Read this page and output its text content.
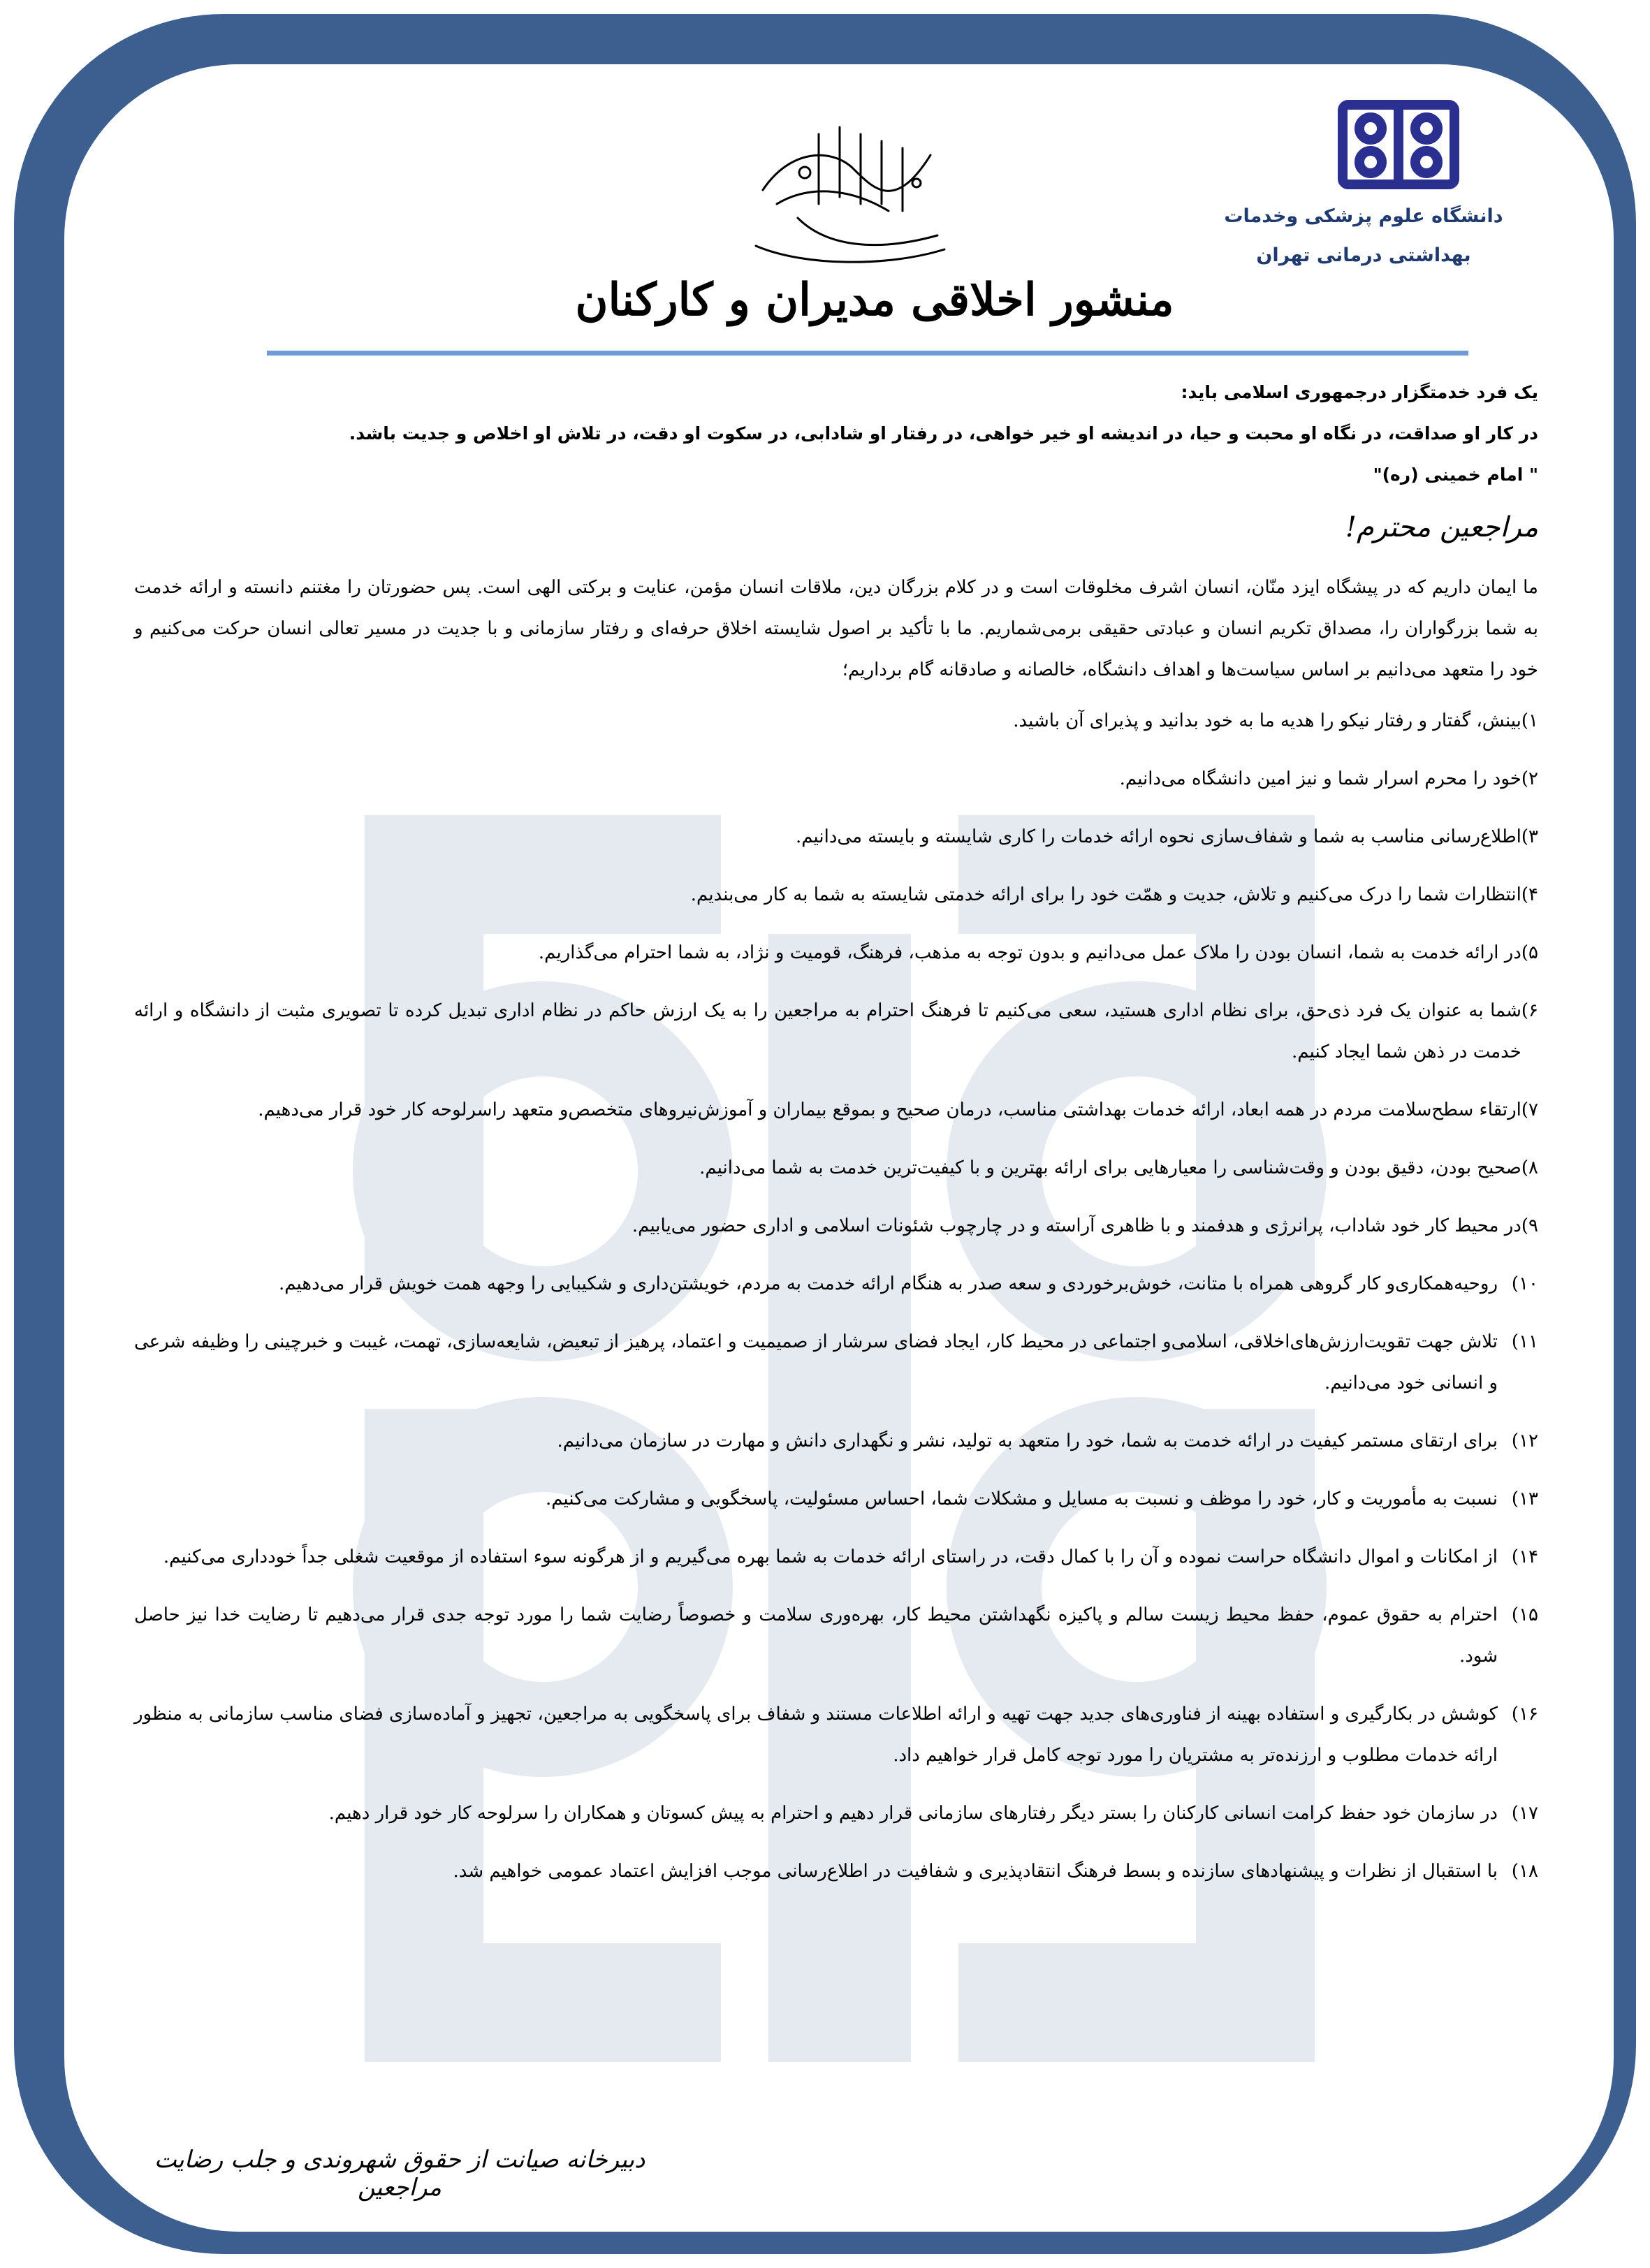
دانشگاه علوم پزشکی وخدمات
بهداشتی درمانی تهران
منشور اخلاقی مدیران و کارکنان
یک فرد خدمتگزار درجمهوری اسلامی باید:
در کار او صداقت، در نگاه او محبت و حیا، در اندیشه او خیر خواهی، در رفتار او شادابی، در سکوت او دقت، در تلاش او اخلاص و جدیت باشد.
" امام خمینی (ره)"
مراجعین محترم!

ما ایمان داریم که در پیشگاه ایزد منّان، انسان اشرف مخلوقات است و در کلام بزرگان دین، ملاقات انسان مؤمن، عنایت و برکتی الهی است. پس حضورتان را مغتنم دانسته و ارائه خدمت به شما بزرگواران را، مصداق تکریم انسان و عبادتی حقیقی برمی‌شماریم. ما با تأکید بر اصول شایسته اخلاق حرفه‌ای و رفتار سازمانی و با جدیت در مسیر تعالی انسان حرکت می‌کنیم و خود را متعهد می‌دانیم بر اساس سیاست‌ها و اهداف دانشگاه، خالصانه و صادقانه گام برداریم؛

۱)
بینش، گفتار و رفتار نیکو را هدیه ما به خود بدانید و پذیرای آن باشید.
۲)
خود را محرم اسرار شما و نیز امین دانشگاه می‌دانیم.
۳)
اطلاع‌رسانی مناسب به شما و شفاف‌سازی نحوه ارائه خدمات را کاری شایسته و بایسته می‌دانیم.
۴)
انتظارات شما را درک می‌کنیم و تلاش، جدیت و همّت خود را برای ارائه خدمتی شایسته به شما به کار می‌بندیم.
۵)
در ارائه خدمت به شما، انسان بودن را ملاک عمل می‌دانیم و بدون توجه به مذهب، فرهنگ، قومیت و نژاد، به شما احترام می‌گذاریم.
۶)
شما به عنوان یک فرد ذی‌حق، برای نظام اداری هستید، سعی می‌کنیم تا فرهنگ احترام به مراجعین را به یک ارزش حاکم در نظام اداری تبدیل کرده تا تصویری مثبت از دانشگاه و ارائه خدمت در ذهن شما ایجاد کنیم.
۷)
ارتقاء سطح‌سلامت مردم در همه ابعاد، ارائه خدمات بهداشتی مناسب، درمان صحیح و بموقع بیماران و آموزش‌نیروهای متخصص‌و متعهد راسرلوحه کار خود قرار می‌دهیم.
۸)
صحیح بودن، دقیق بودن و وقت‌شناسی را معیارهایی برای ارائه بهترین و با کیفیت‌ترین خدمت به شما می‌دانیم.
۹)
در محیط کار خود شاداب، پرانرژی و هدفمند و با ظاهری آراسته و در چارچوب شئونات اسلامی و اداری حضور می‌یابیم.
۱۰)
روحیه‌همکاری‌و کار گروهی همراه با متانت، خوش‌برخوردی و سعه صدر به هنگام ارائه خدمت به مردم، خویشتن‌داری و شکیبایی را وجهه همت خویش قرار می‌دهیم.
۱۱)
تلاش جهت تقویت‌ارزش‌های‌اخلاقی، اسلامی‌و اجتماعی در محیط کار، ایجاد فضای سرشار از صمیمیت و اعتماد، پرهیز از تبعیض، شایعه‌سازی، تهمت، غیبت و خبرچینی را وظیفه شرعی و انسانی خود می‌دانیم.
۱۲)
برای ارتقای مستمر کیفیت در ارائه خدمت به شما، خود را متعهد به تولید، نشر و نگهداری دانش و مهارت در سازمان می‌دانیم.
۱۳)
نسبت به مأموریت و کار، خود را موظف و نسبت به مسایل و مشکلات شما، احساس مسئولیت، پاسخگویی و مشارکت می‌کنیم.
۱۴)
از امکانات و اموال دانشگاه حراست نموده و آن را با کمال دقت، در راستای ارائه خدمات به شما بهره می‌گیریم و از هرگونه سوء استفاده از موقعیت شغلی جداً خودداری می‌کنیم.
۱۵)
احترام به حقوق عموم، حفظ محیط زیست سالم و پاکیزه نگهداشتن محیط کار، بهره‌وری سلامت و خصوصاً رضایت شما را مورد توجه جدی قرار می‌دهیم تا رضایت خدا نیز حاصل شود.
۱۶)
کوشش در بکارگیری و استفاده بهینه از فناوری‌های جدید جهت تهیه و ارائه اطلاعات مستند و شفاف برای پاسخگویی به مراجعین، تجهیز و آماده‌سازی فضای مناسب سازمانی به منظور ارائه خدمات مطلوب و ارزنده‌تر به مشتریان را مورد توجه کامل قرار خواهیم داد.
۱۷)
در سازمان خود حفظ کرامت انسانی کارکنان را بستر دیگر رفتارهای سازمانی قرار دهیم و احترام به پیش کسوتان و همکاران را سرلوحه کار خود قرار دهیم.
۱۸)
با استقبال از نظرات و پیشنهادهای سازنده و بسط فرهنگ انتقادپذیری و شفافیت در اطلاع‌رسانی موجب افزایش اعتماد عمومی خواهیم شد.
دبیرخانه صیانت از حقوق شهروندی و جلب رضایت مراجعین
